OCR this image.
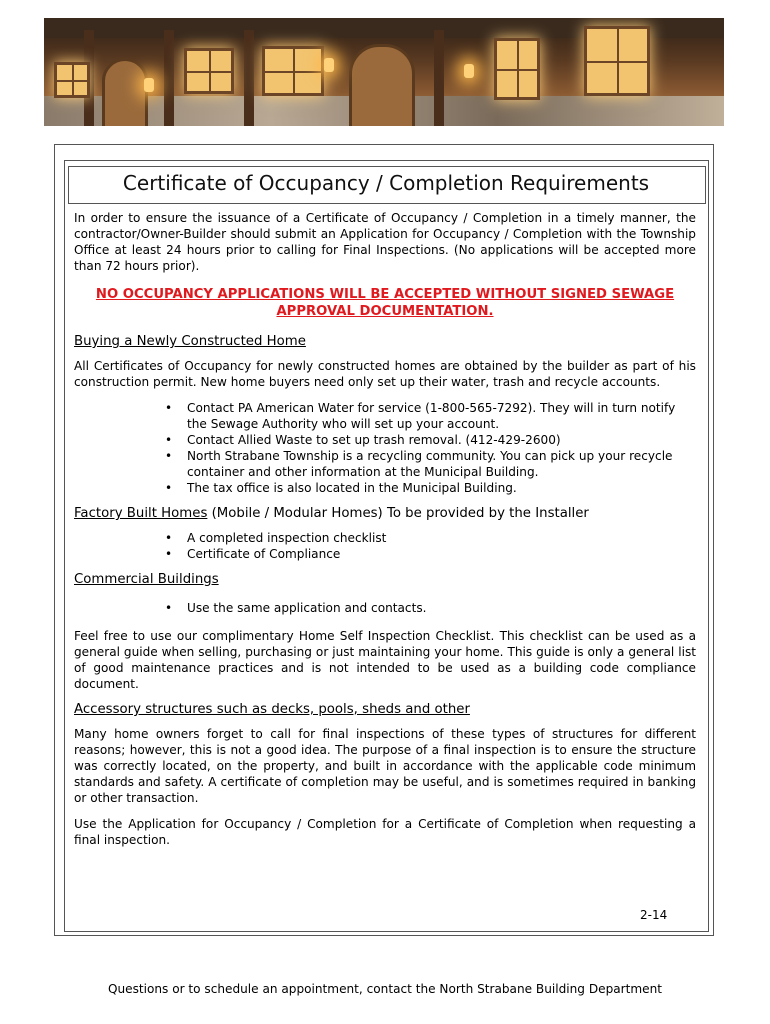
Certificate of Occupancy / Completion Requirements

In order to ensure the issuance of a Certificate of Occupancy / Completion in a timely manner, the contractor/Owner-Builder should submit an Application for Occupancy / Completion with the Township Office at least 24 hours prior to calling for Final Inspections. (No applications will be accepted more than 72 hours prior).

NO OCCUPANCY APPLICATIONS WILL BE ACCEPTED WITHOUT SIGNED SEWAGE APPROVAL DOCUMENTATION.
Buying a Newly Constructed Home

All Certificates of Occupancy for newly constructed homes are obtained by the builder as part of his construction permit. New home buyers need only set up their water, trash and recycle accounts.

• Contact PA American Water for service (1-800-565-7292). They will in turn notify the Sewage Authority who will set up your account.
• Contact Allied Waste to set up trash removal. (412-429-2600)
• North Strabane Township is a recycling community. You can pick up your recycle container and other information at the Municipal Building.
• The tax office is also located in the Municipal Building.
Factory Built Homes (Mobile / Modular Homes) To be provided by the Installer
• A completed inspection checklist
• Certificate of Compliance
Commercial Buildings
• Use the same application and contacts.

Feel free to use our complimentary Home Self Inspection Checklist. This checklist can be used as a general guide when selling, purchasing or just maintaining your home. This guide is only a general list of good maintenance practices and is not intended to be used as a building code compliance document.

Accessory structures such as decks, pools, sheds and other

Many home owners forget to call for final inspections of these types of structures for different reasons; however, this is not a good idea. The purpose of a final inspection is to ensure the structure was correctly located, on the property, and built in accordance with the applicable code minimum standards and safety. A certificate of completion may be useful, and is sometimes required in banking or other transaction.

Use the Application for Occupancy / Completion for a Certificate of Completion when requesting a final inspection.

2-14
Questions or to schedule an appointment, contact the North Strabane Building Department
